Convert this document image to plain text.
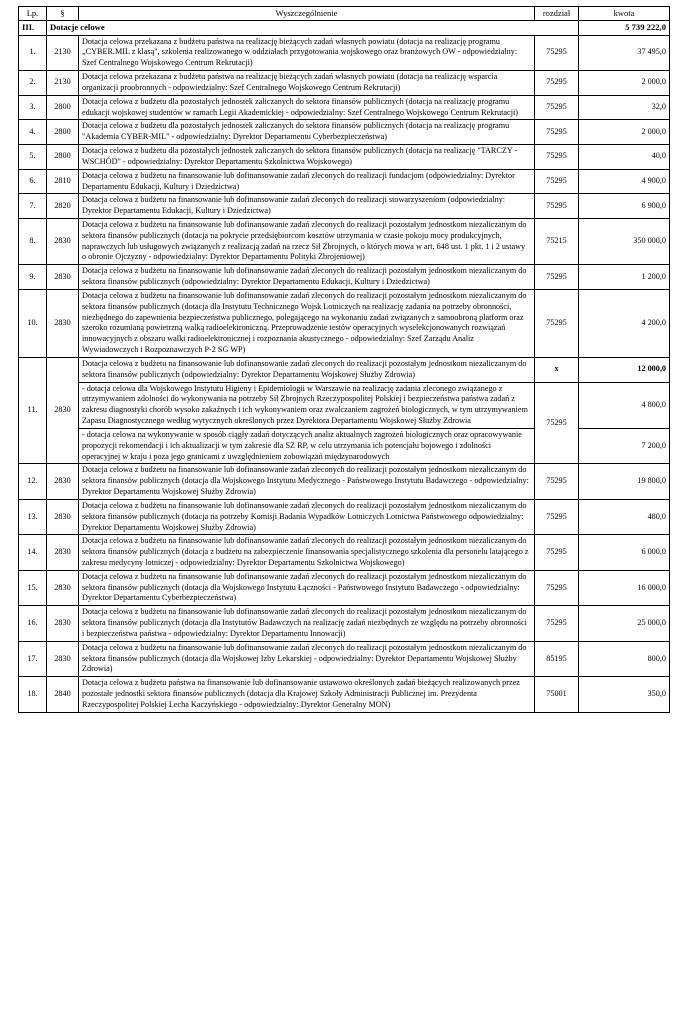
Lp.	§	Wyszczególnienie	rozdział	kwota
III.	Dotacje celowe			5 739 222,0
1.	2130	Dotacja celowa przekazana z budżetu państwa na realizację bieżących zadań własnych powiatu (dotacja na realizację programu „CYBER.MIL z klasą", szkolenia realizowanego w oddziałach przygotowania wojskowego oraz branżowych OW - odpowiedzialny: Szef Centralnego Wojskowego Centrum Rekrutacji)	75295	37 495,0
2.	2130	Dotacja celowa przekazana z budżetu państwa na realizację bieżących zadań własnych powiatu (dotacja na realizację wsparcia organizacji proobronnych - odpowiedzialny: Szef Centralnego Wojskowego Centrum Rekrutacji)	75295	2 000,0
3.	2800	Dotacja celowa z budżetu dla pozostałych jednostek zaliczanych do sektora finansów publicznych (dotacja na realizację programu edukacji wojskowej studentów w ramach Legii Akademickiej - odpowiedzialny: Szef Centralnego Wojskowego Centrum Rekrutacji)	75295	32,0
4.	2800	Dotacja celowa z budżetu dla pozostałych jednostek zaliczanych do sektora finansów publicznych (dotacja na realizację programu "Akademia CYBER-MIL" - odpowiedzialny: Dyrektor Departamentu Cyberbezpieczeństwa)	75295	2 000,0
5.	2800	Dotacja celowa z budżetu dla pozostałych jednostek zaliczanych do sektora finansów publicznych (dotacja na realizację "TARCZY - WSCHÓD" - odpowiedzialny: Dyrektor Departamentu Szkolnictwa Wojskowego)	75295	40,0
6.	2810	Dotacja celowa z budżetu na finansowanie lub dofinansowanie zadań zleconych do realizacji fundacjom (odpowiedzialny: Dyrektor Departamentu Edukacji, Kultury i Dziedzictwa)	75295	4 900,0
7.	2820	Dotacja celowa z budżetu na finansowanie lub dofinansowanie zadań zleconych do realizacji stowarzyszeniom (odpowiedzialny: Dyrektor Departamentu Edukacji, Kultury i Dziedzictwa)	75295	6 900,0
8.	2830	Dotacja celowa z budżetu na finansowanie lub dofinansowanie zadań zleconych do realizacji pozostałym jednostkom niezaliczanym do sektora finansów publicznych (dotacja na pokrycie przedsiębiorcom kosztów utrzymania w czasie pokoju mocy produkcyjnych, naprawczych lub usługowych związanych z realizacją zadań na rzecz Sił Zbrojnych, o których mowa w art. 648 ust. 1 pkt. 1 i 2 ustawy o obronie Ojczyzny - odpowiedzialny: Dyrektor Departamentu Polityki Zbrojeniowej)	75215	350 000,0
9.	2830	Dotacja celowa z budżetu na finansowanie lub dofinansowanie zadań zleconych do realizacji pozostałym jednostkom niezaliczanym do sektora finansów publicznych (odpowiedzialny: Dyrektor Departamentu Edukacji, Kultury i Dziedzictwa)	75295	1 200,0
10.	2830	Dotacja celowa z budżetu na finansowanie lub dofinansowanie zadań zleconych do realizacji pozostałym jednostkom niezaliczanym do sektora finansów publicznych (dotacja dla Instytutu Technicznego Wojsk Lotniczych na realizację zadania na potrzeby obronności, niezbędnego do zapewnienia bezpieczeństwa publicznego, polegającego na wykonaniu zadań związanych z samoobroną platform oraz szeroko rozumianą powietrzną walką radioelektroniczną. Przeprowadzenie testów operacyjnych wyselekcjonowanych rozwiązań innowacyjnych z obszaru walki radioelektronicznej i rozpoznania akustycznego - odpowiedzialny: Szef Zarządu Analiz Wywiadowczych i Rozpoznawczych P-2 SG WP)	75295	4 200,0
11.	2830	Dotacja celowa z budżetu na finansowanie lub dofinansowanie zadań zleconych do realizacji pozostałym jednostkom niezaliczanym do sektora finansów publicznych (odpowiedzialny: Dyrektor Departamentu Wojskowej Służby Zdrowia)	x	12 000,0
		- dotacja celowa dla Wojskowego Instytutu Higieny i Epidemiologii w Warszawie na realizację zadania zleconego związanego z utrzymywaniem zdolności do wykonywania na potrzeby Sił Zbrojnych Rzeczypospolitej Polskiej i bezpieczeństwa państwa zadań z zakresu diagnostyki chorób wysoko zakaźnych i ich wykonywaniem oraz zwalczaniem zagrożeń biologicznych, w tym utrzymywaniem Zapasu Diagnostycznego według wytycznych określonych przez Dyrektora Departamentu Wojskowej Służby Zdrowia	75295	4 800,0
		- dotacja celowa na wykonywanie w sposób ciągły zadań dotyczących analiz aktualnych zagrożeń biologicznych oraz opracowywanie propozycji rekomendacji i ich aktualizacji w tym zakresie dla SZ RP, w celu utrzymania ich potencjału bojowego i zdolności operacyjnej w kraju i poza jego granicami z uwzględnieniem zobowiązań międzynarodowych		7 200,0
12.	2830	Dotacja celowa z budżetu na finansowanie lub dofinansowanie zadań zleconych do realizacji pozostałym jednostkom niezaliczanym do sektora finansów publicznych (dotacja dla Wojskowego Instytutu Medycznego - Państwowego Instytutu Badawczego - odpowiedzialny: Dyrektor Departamentu Wojskowej Służby Zdrowia)	75295	19 800,0
13.	2830	Dotacja celowa z budżetu na finansowanie lub dofinansowanie zadań zleconych do realizacji pozostałym jednostkom niezaliczanym do sektora finansów publicznych (dotacja na potrzeby Komisji Badania Wypadków Lotniczych Lotnictwa Państwowego odpowiedzialny: Dyrektor Departamentu Wojskowej Służby Zdrowia)	75295	480,0
14.	2830	Dotacja celowa z budżetu na finansowanie lub dofinansowanie zadań zleconych do realizacji pozostałym jednostkom niezaliczanym do sektora finansów publicznych (dotacja z budżetu na zabezpieczenie finansowania specjalistycznego szkolenia dla personelu latającego z zakresu medycyny lotniczej - odpowiedzialny: Dyrektor Departamentu Szkolnictwa Wojskowego)	75295	6 000,0
15.	2830	Dotacja celowa z budżetu na finansowanie lub dofinansowanie zadań zleconych do realizacji pozostałym jednostkom niezaliczanym do sektora finansów publicznych (dotacja dla Wojskowego Instytutu Łączności - Państwowego Instytutu Badawczego - odpowiedzialny: Dyrektor Departamentu Cyberbezpieczeństwa)	75295	16 000,0
16.	2830	Dotacja celowa z budżetu na finansowanie lub dofinansowanie zadań zleconych do realizacji pozostałym jednostkom niezaliczanym do sektora finansów publicznych (dotacja dla Instytutów Badawczych na realizację zadań niezbędnych ze względu na potrzeby obronności i bezpieczeństwa państwa - odpowiedzialny: Dyrektor Departamentu Innowacji)	75295	25 000,0
17.	2830	Dotacja celowa z budżetu na finansowanie lub dofinansowanie zadań zleconych do realizacji pozostałym jednostkom niezaliczanym do sektora finansów publicznych (dotacja dla Wojskowej Izby Lekarskiej - odpowiedzialny: Dyrektor Departamentu Wojskowej Służby Zdrowia)	85195	800,0
18.	2840	Dotacja celowa z budżetu państwa na finansowanie lub dofinansowanie ustawowo określonych zadań bieżących realizowanych przez pozostałe jednostki sektora finansów publicznych (dotacja dla Krajowej Szkoły Administracji Publicznej im. Prezydenta Rzeczypospolitej Polskiej Lecha Kaczyńskiego - odpowiedzialny: Dyrektor Generalny MON)	75001	350,0
